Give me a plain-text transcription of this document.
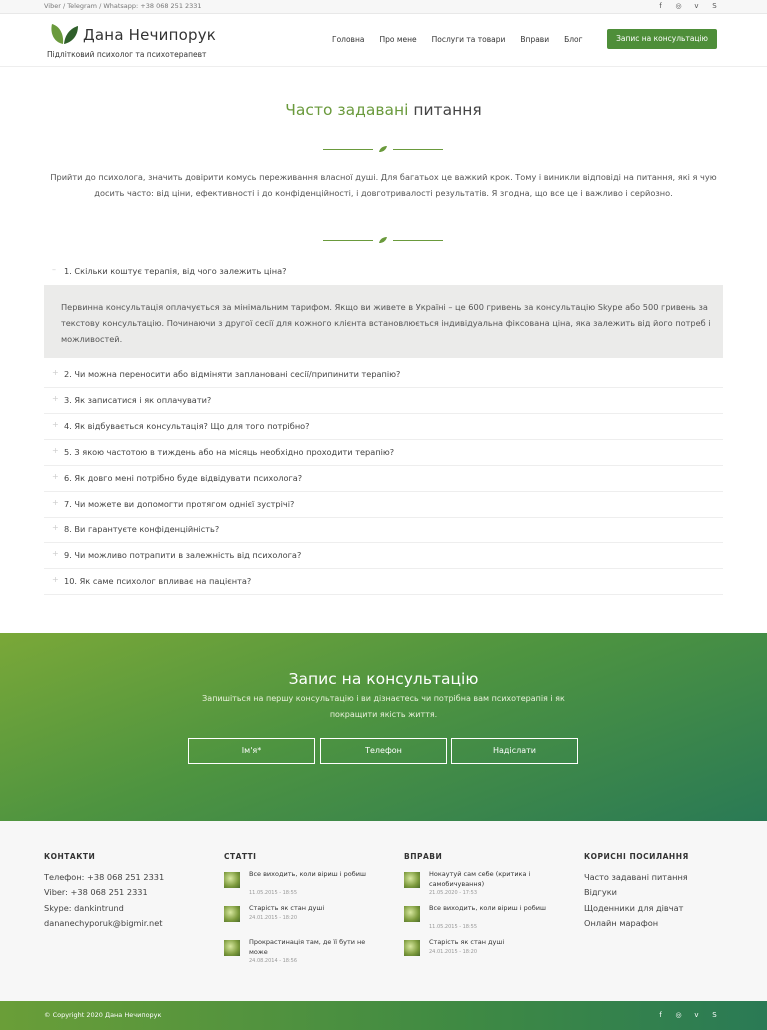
Viber / Telegram / Whatsapp: +38 068 251 2331	f	◎	v	S
Дана Нечипорук
Підлітковий психолог та психотерапевт
Головна Про мене Послуги та товари Вправи Блог	Запис на консультацію
Часто задавані питання
Прийти до психолога, значить довірити комусь переживання власної душі. Для багатьох це важкий крок. Тому і виникли відповіді на питання, які я чую досить часто: від ціни, ефективності і до конфіденційності, і довготривалості результатів. Я згодна, що все це і важливо і серйозно.
– 1. Скільки коштує терапія, від чого залежить ціна?

Первинна консультація оплачується за мінімальним тарифом. Якщо ви живете в Україні – це 600 гривень за консультацію Skype або 500 гривень за текстову консультацію. Починаючи з другої сесії для кожного клієнта встановлюється індивідуальна фіксована ціна, яка залежить від його потреб і можливостей.

+ 2. Чи можна переносити або відміняти заплановані сесії/припинити терапію?
+ 3. Як записатися і як оплачувати?
+ 4. Як відбувається консультація? Що для того потрібно?
+ 5. З якою частотою в тиждень або на місяць необхідно проходити терапію?
+ 6. Як довго мені потрібно буде відвідувати психолога?
+ 7. Чи можете ви допомогти протягом однієї зустрічі?
+ 8. Ви гарантуєте конфіденційність?
+ 9. Чи можливо потрапити в залежність від психолога?
+ 10. Як саме психолог впливає на пацієнта?
Запис на консультацію
Запишіться на першу консультацію і ви дізнаєтесь чи потрібна вам психотерапія і як покращити якість життя.
Ім'я*	Телефон	Надіслати
КОНТАКТИ
Телефон: +38 068 251 2331
Viber: +38 068 251 2331
Skype: dankintrund
dananechyporuk@bigmir.net
СТАТТІ
Все виходить, коли віриш і робиш
11.05.2015 - 18:55
Старість як стан душі
24.01.2015 - 18:20
Прокрастинація там, де її бути не може
24.08.2014 - 18:56
ВПРАВИ
Нокаутуй сам себе (критика і самобичування)
21.05.2020 - 17:53
Все виходить, коли віриш і робиш
11.05.2015 - 18:55
Старість як стан душі
24.01.2015 - 18:20
КОРИСНІ ПОСИЛАННЯ
Часто задавані питання
Відгуки
Щоденники для дівчат
Онлайн марафон
© Copyright 2020 Дана Нечипорук	f	◎	v	S
